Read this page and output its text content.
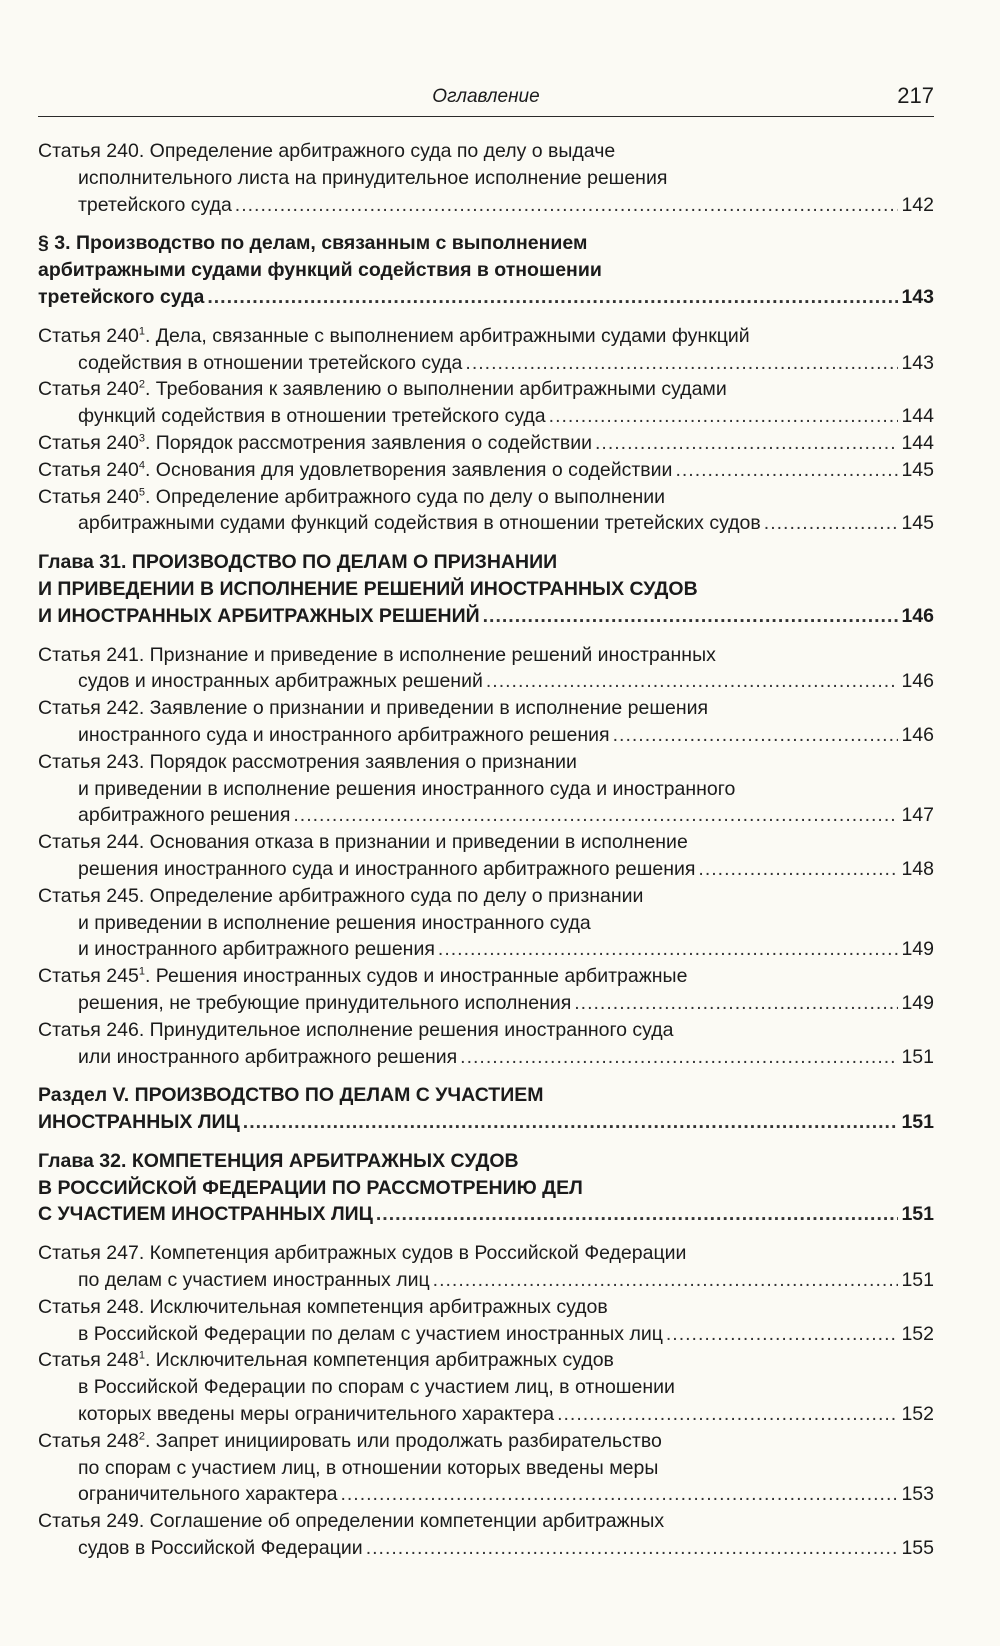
Оглавление	217
Статья 240. Определение арбитражного суда по делу о выдаче
исполнительного листа на принудительное исполнение решения
третейского суда .....	142
§ 3. Производство по делам, связанным с выполнением
арбитражными судами функций содействия в отношении
третейского суда .....	143
Статья $240^1$. Дела, связанные с выполнением арбитражными судами функций
содействия в отношении третейского суда .....	143
Статья $240^2$. Требования к заявлению о выполнении арбитражными судами
функций содействия в отношении третейского суда .....	144
Статья $240^3$. Порядок рассмотрения заявления о содействии .....	144
Статья $240^4$. Основания для удовлетворения заявления о содействии .....	145
Статья $240^5$. Определение арбитражного суда по делу о выполнении
арбитражными судами функций содействия в отношении третейских судов .....	145
Глава 31. ПРОИЗВОДСТВО ПО ДЕЛАМ О ПРИЗНАНИИ
И ПРИВЕДЕНИИ В ИСПОЛНЕНИЕ РЕШЕНИЙ ИНОСТРАННЫХ СУДОВ
И ИНОСТРАННЫХ АРБИТРАЖНЫХ РЕШЕНИЙ .....	146
Статья 241. Признание и приведение в исполнение решений иностранных
судов и иностранных арбитражных решений .....	146
Статья 242. Заявление о признании и приведении в исполнение решения
иностранного суда и иностранного арбитражного решения .....	146
Статья 243. Порядок рассмотрения заявления о признании
и приведении в исполнение решения иностранного суда и иностранного
арбитражного решения .....	147
Статья 244. Основания отказа в признании и приведении в исполнение
решения иностранного суда и иностранного арбитражного решения .....	148
Статья 245. Определение арбитражного суда по делу о признании
и приведении в исполнение решения иностранного суда
и иностранного арбитражного решения .....	149
Статья $245^1$. Решения иностранных судов и иностранные арбитражные
решения, не требующие принудительного исполнения .....	149
Статья 246. Принудительное исполнение решения иностранного суда
или иностранного арбитражного решения .....	151
Раздел V. ПРОИЗВОДСТВО ПО ДЕЛАМ С УЧАСТИЕМ
ИНОСТРАННЫХ ЛИЦ .....	151
Глава 32. КОМПЕТЕНЦИЯ АРБИТРАЖНЫХ СУДОВ
В РОССИЙСКОЙ ФЕДЕРАЦИИ ПО РАССМОТРЕНИЮ ДЕЛ
С УЧАСТИЕМ ИНОСТРАННЫХ ЛИЦ .....	151
Статья 247. Компетенция арбитражных судов в Российской Федерации
по делам с участием иностранных лиц .....	151
Статья 248. Исключительная компетенция арбитражных судов
в Российской Федерации по делам с участием иностранных лиц .....	152
Статья $248^1$. Исключительная компетенция арбитражных судов
в Российской Федерации по спорам с участием лиц, в отношении
которых введены меры ограничительного характера .....	152
Статья $248^2$. Запрет инициировать или продолжать разбирательство
по спорам с участием лиц, в отношении которых введены меры
ограничительного характера .....	153
Статья 249. Соглашение об определении компетенции арбитражных
судов в Российской Федерации .....	155
